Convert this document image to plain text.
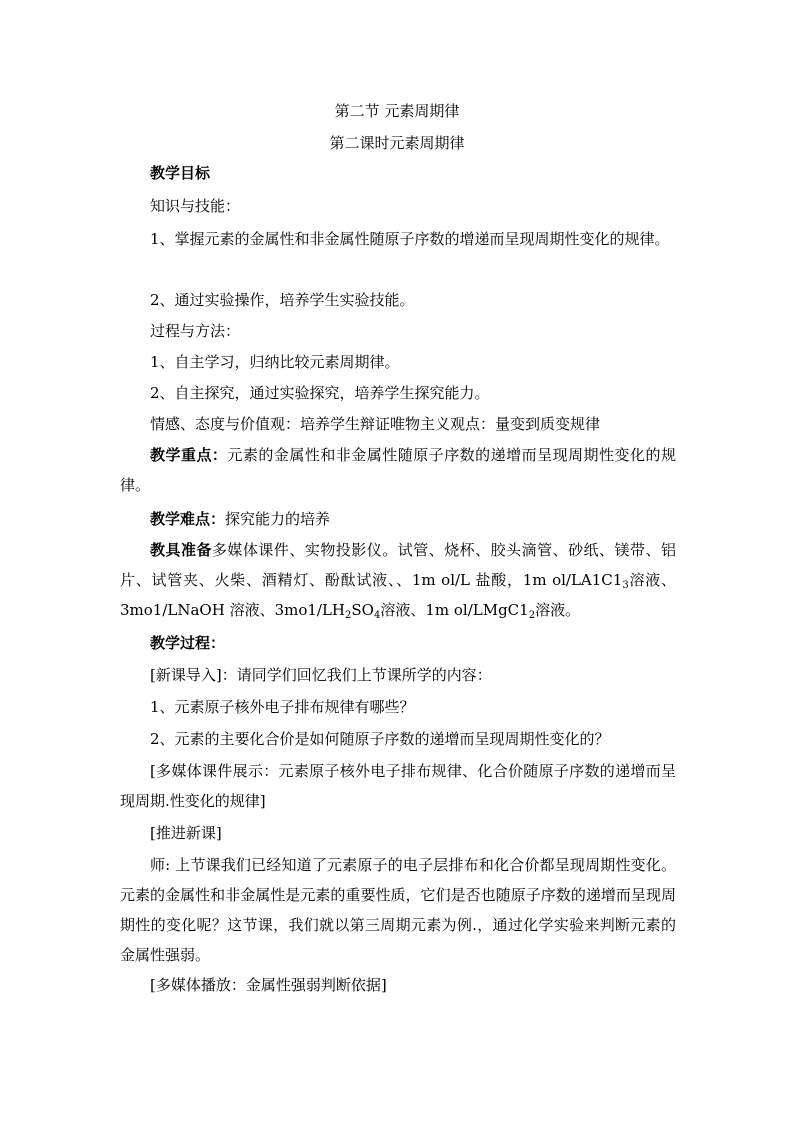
第二节 元素周期律
第二课时元素周期律
教学目标
知识与技能：
1、掌握元素的金属性和非金属性随原子序数的增递而呈现周期性变化的规律。
2、通过实验操作，培养学生实验技能。
过程与方法：
1、自主学习，归纳比较元素周期律。
2、自主探究，通过实验探究，培养学生探究能力。
情感、态度与价值观：培养学生辩证唯物主义观点：量变到质变规律
教学重点：元素的金属性和非金属性随原子序数的递增而呈现周期性变化的规律。
教学难点：探究能力的培养
教具准备多媒体课件、实物投影仪。试管、烧杯、胶头滴管、砂纸、镁带、铝片、试管夹、火柴、酒精灯、酚酞试液、、1m ol/L 盐酸，1m $ol/LA1C1_3$溶液、3mo1/LNaOH 溶液、$3mo1/LH_2SO_4$溶液、1m $ol/LMgC1_2$溶液。
教学过程：
[新课导入]：请同学们回忆我们上节课所学的内容：
1、元素原子核外电子排布规律有哪些？
2、元素的主要化合价是如何随原子序数的递增而呈现周期性变化的？
[多媒体课件展示：元素原子核外电子排布规律、化合价随原子序数的递增而呈现周期.性变化的规律]
[推进新课]
师: 上节课我们已经知道了元素原子的电子层排布和化合价都呈现周期性变化。元素的金属性和非金属性是元素的重要性质，它们是否也随原子序数的递增而呈现周期性的变化呢？这节课，我们就以第三周期元素为例.，通过化学实验来判断元素的金属性强弱。
[多媒体播放：金属性强弱判断依据]
